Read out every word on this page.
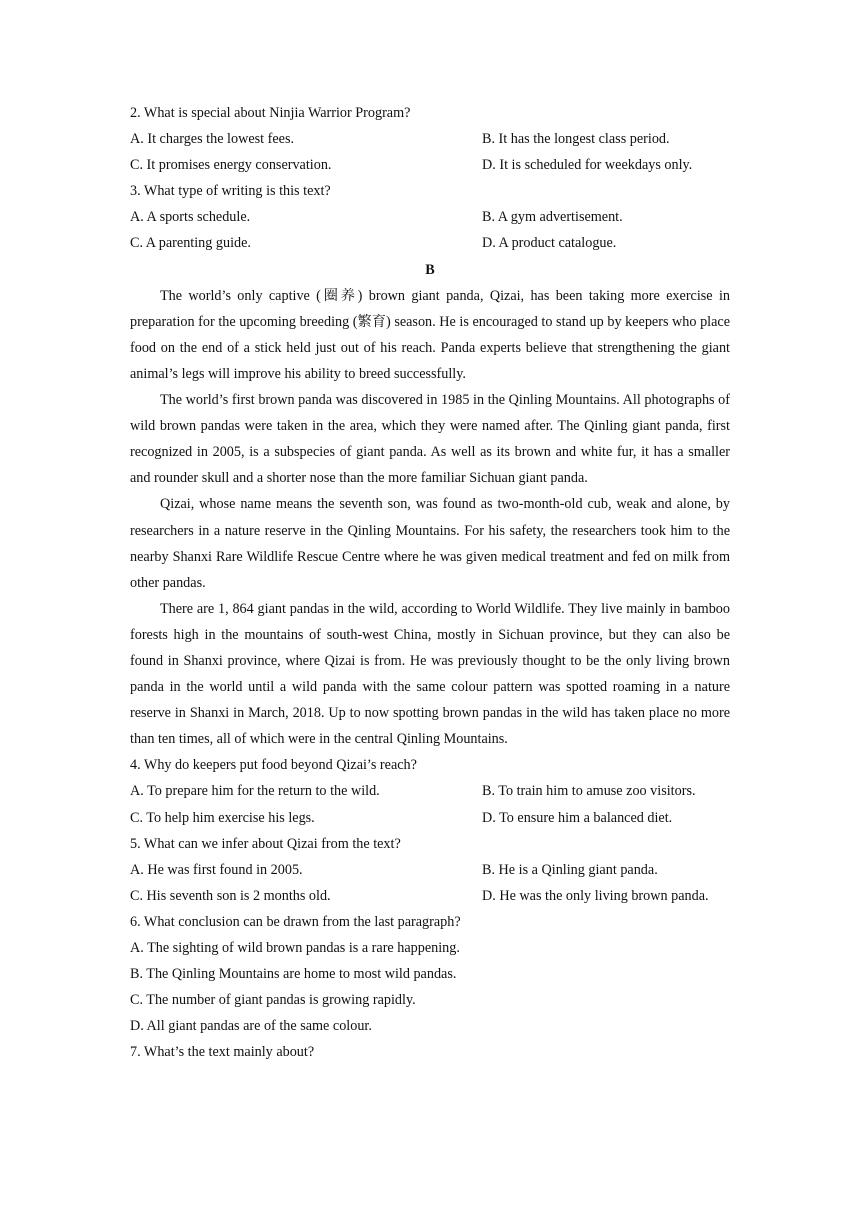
2. What is special about Ninjia Warrior Program?
A. It charges the lowest fees.	B. It has the longest class period.
C. It promises energy conservation.	D. It is scheduled for weekdays only.
3. What type of writing is this text?
A. A sports schedule.	B. A gym advertisement.
C. A parenting guide.	D. A product catalogue.
B

The world’s only captive (圈养) brown giant panda, Qizai, has been taking more exercise in preparation for the upcoming breeding (繁育) season. He is encouraged to stand up by keepers who place food on the end of a stick held just out of his reach. Panda experts believe that strengthening the giant animal’s legs will improve his ability to breed successfully.

The world’s first brown panda was discovered in 1985 in the Qinling Mountains. All photographs of wild brown pandas were taken in the area, which they were named after. The Qinling giant panda, first recognized in 2005, is a subspecies of giant panda. As well as its brown and white fur, it has a smaller and rounder skull and a shorter nose than the more familiar Sichuan giant panda.

Qizai, whose name means the seventh son, was found as two-month-old cub, weak and alone, by researchers in a nature reserve in the Qinling Mountains. For his safety, the researchers took him to the nearby Shanxi Rare Wildlife Rescue Centre where he was given medical treatment and fed on milk from other pandas.

There are 1, 864 giant pandas in the wild, according to World Wildlife. They live mainly in bamboo forests high in the mountains of south-west China, mostly in Sichuan province, but they can also be found in Shanxi province, where Qizai is from. He was previously thought to be the only living brown panda in the world until a wild panda with the same colour pattern was spotted roaming in a nature reserve in Shanxi in March, 2018. Up to now spotting brown pandas in the wild has taken place no more than ten times, all of which were in the central Qinling Mountains.

4. Why do keepers put food beyond Qizai’s reach?
A. To prepare him for the return to the wild.	B. To train him to amuse zoo visitors.
C. To help him exercise his legs.	D. To ensure him a balanced diet.
5. What can we infer about Qizai from the text?
A. He was first found in 2005.	B. He is a Qinling giant panda.
C. His seventh son is 2 months old.	D. He was the only living brown panda.
6. What conclusion can be drawn from the last paragraph?
A. The sighting of wild brown pandas is a rare happening.
B. The Qinling Mountains are home to most wild pandas.
C. The number of giant pandas is growing rapidly.
D. All giant pandas are of the same colour.
7. What’s the text mainly about?
